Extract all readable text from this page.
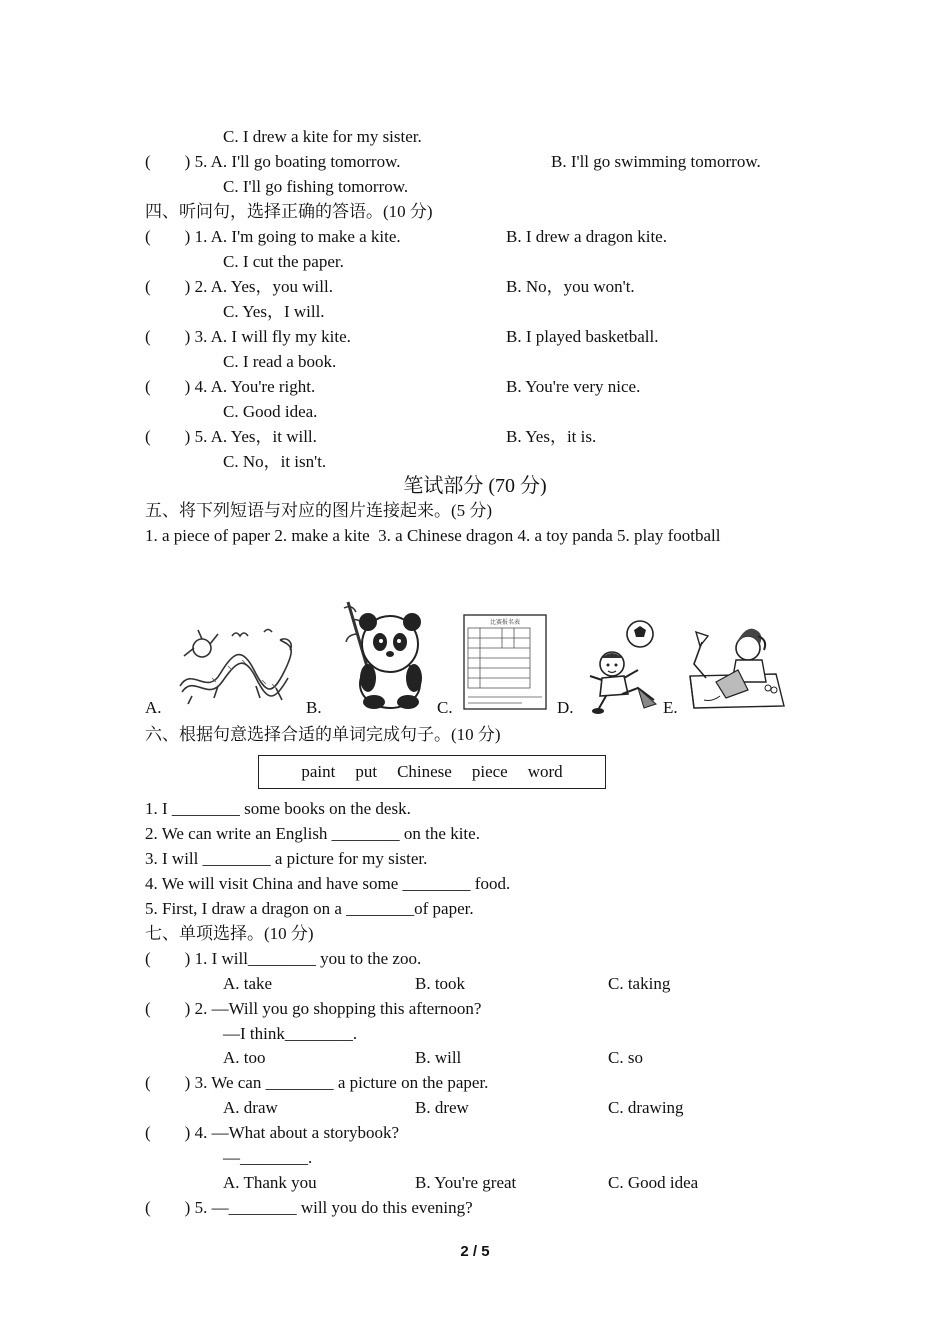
C. I drew a kite for my sister.
(        ) 5. A. I'll go boating tomorrow.	B. I'll go swimming tomorrow.
C. I'll go fishing tomorrow.
四、听问句，选择正确的答语。(10 分)
(        ) 1. A. I'm going to make a kite.	B. I drew a dragon kite.
C. I cut the paper.
(        ) 2. A. Yes，you will.	B. No，you won't.
C. Yes，I will.
(        ) 3. A. I will fly my kite.	B. I played basketball.
C. I read a book.
(        ) 4. A. You're right.	B. You're very nice.
C. Good idea.
(        ) 5. A. Yes，it will.	B. Yes，it is.
C. No，it isn't.
笔试部分 (70 分)
五、将下列短语与对应的图片连接起来。(5 分)
1. a piece of paper 2. make a kite  3. a Chinese dragon 4. a toy panda 5. play football
A.	B.	C.
比赛报名表
D.	E.
六、根据句意选择合适的单词完成句子。(10 分)
paint put Chinese piece word
1. I ________ some books on the desk.
2. We can write an English ________ on the kite.
3. I will ________ a picture for my sister.
4. We will visit China and have some ________ food.
5. First, I draw a dragon on a ________of paper.
七、单项选择。(10 分)
(        ) 1. I will________ you to the zoo.
A. take	B. took	C. taking
(        ) 2. —Will you go shopping this afternoon?
—I think________.
A. too	B. will	C. so
(        ) 3. We can ________ a picture on the paper.
A. draw	B. drew	C. drawing
(        ) 4. —What about a storybook?
—________.
A. Thank you	B. You're great	C. Good idea
(        ) 5. —________ will you do this evening?
2 / 5
